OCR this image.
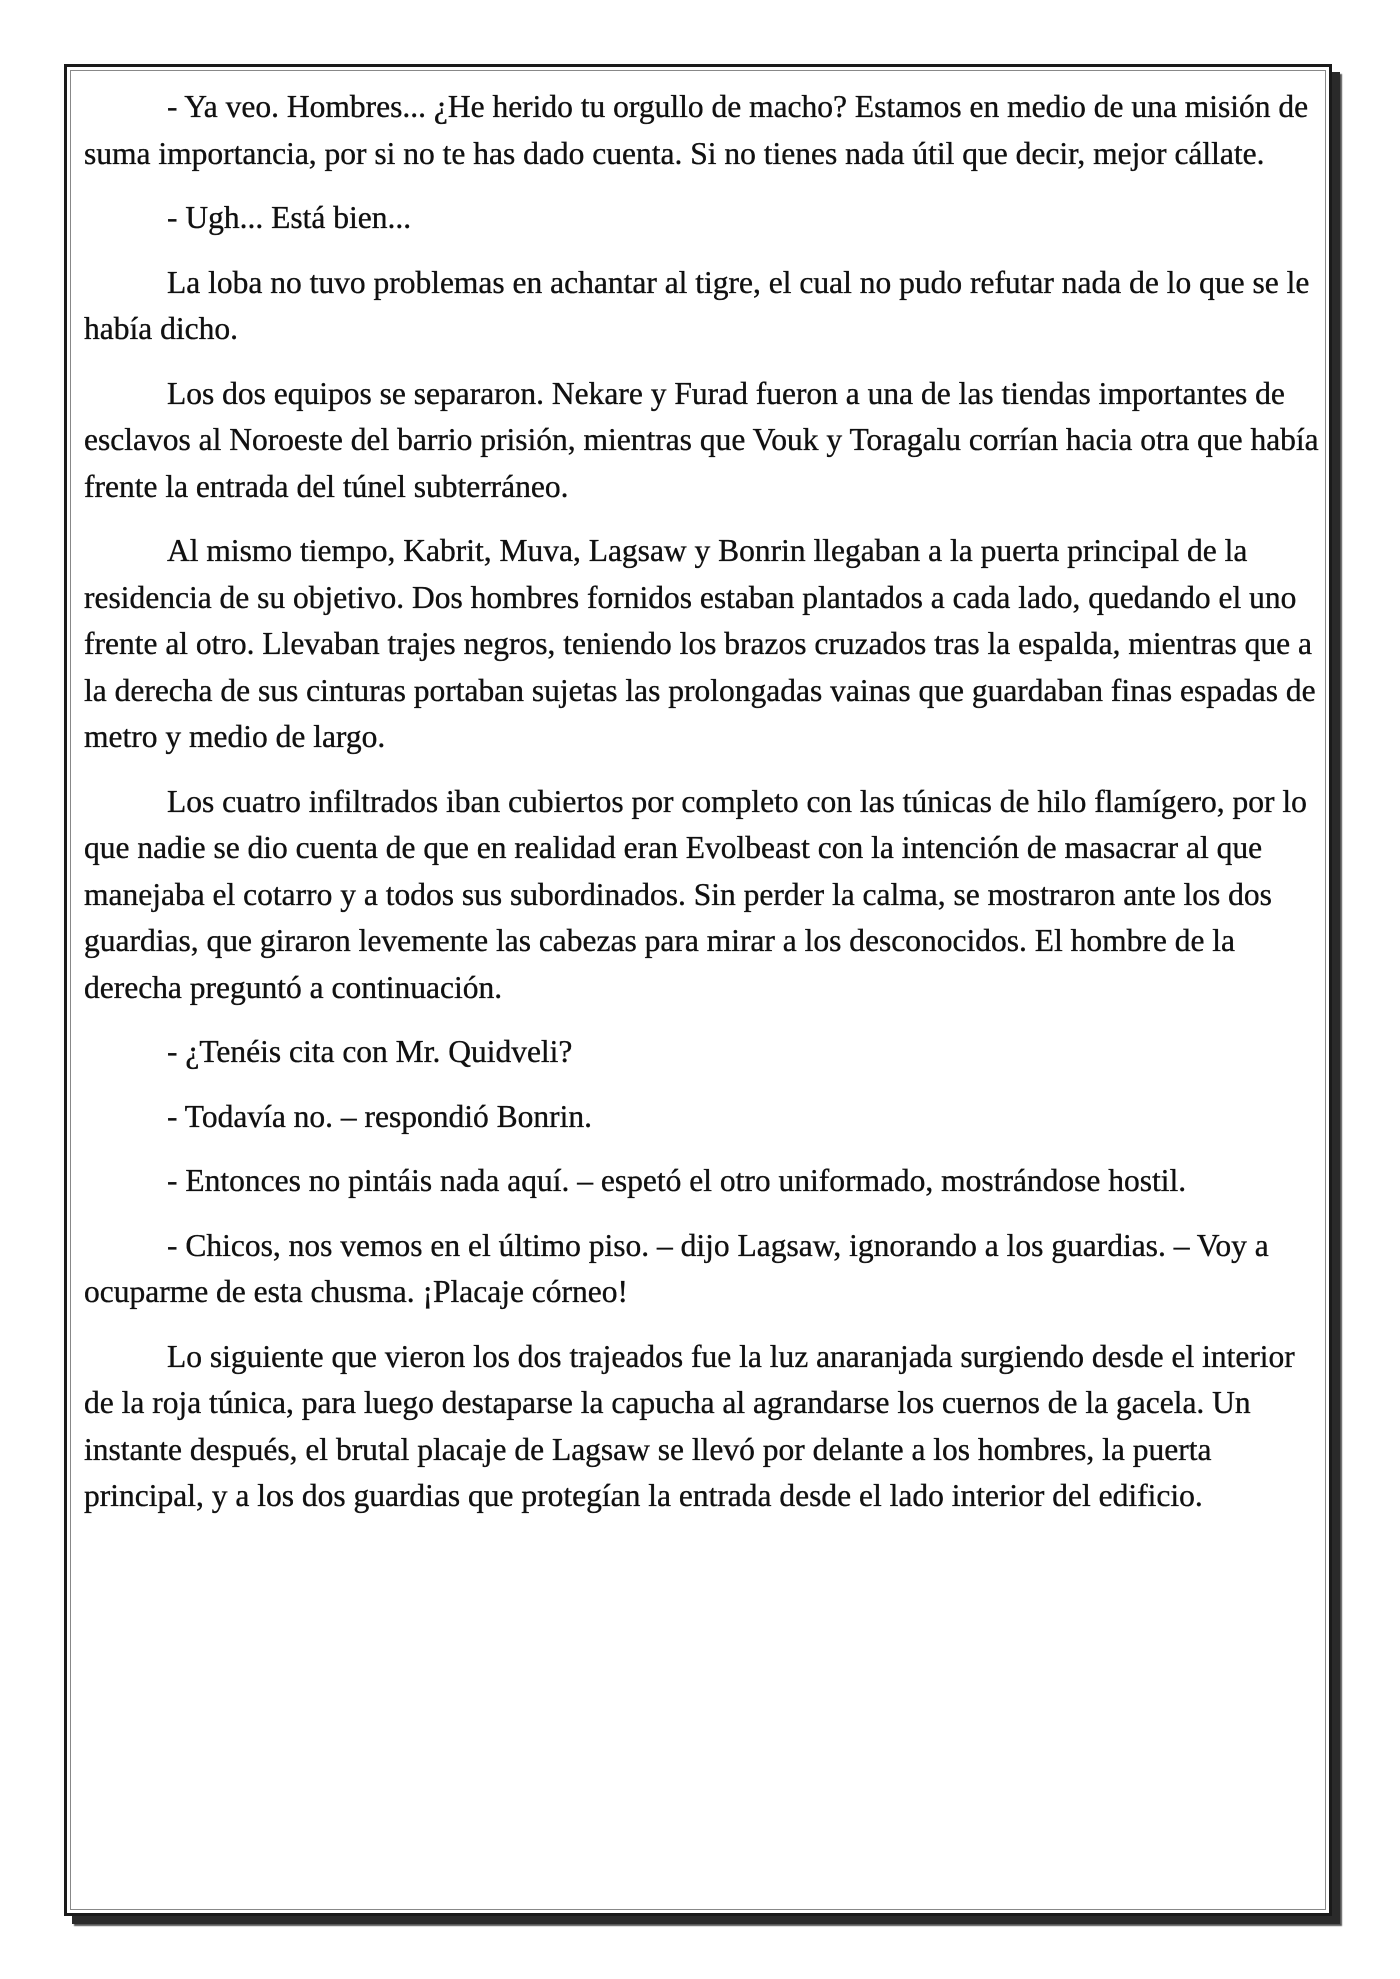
- Ya veo. Hombres... ¿He herido tu orgullo de macho? Estamos en medio de una misión de suma importancia, por si no te has dado cuenta. Si no tienes nada útil que decir, mejor cállate.

- Ugh... Está bien...

La loba no tuvo problemas en achantar al tigre, el cual no pudo refutar nada de lo que se le había dicho.

Los dos equipos se separaron. Nekare y Furad fueron a una de las tiendas importantes de esclavos al Noroeste del barrio prisión, mientras que Vouk y Toragalu corrían hacia otra que había frente la entrada del túnel subterráneo.

Al mismo tiempo, Kabrit, Muva, Lagsaw y Bonrin llegaban a la puerta principal de la residencia de su objetivo. Dos hombres fornidos estaban plantados a cada lado, quedando el uno frente al otro. Llevaban trajes negros, teniendo los brazos cruzados tras la espalda, mientras que a la derecha de sus cinturas portaban sujetas las prolongadas vainas que guardaban finas espadas de metro y medio de largo.

Los cuatro infiltrados iban cubiertos por completo con las túnicas de hilo flamígero, por lo que nadie se dio cuenta de que en realidad eran Evolbeast con la intención de masacrar al que manejaba el cotarro y a todos sus subordinados. Sin perder la calma, se mostraron ante los dos guardias, que giraron levemente las cabezas para mirar a los desconocidos. El hombre de la derecha preguntó a continuación.

- ¿Tenéis cita con Mr. Quidveli?

- Todavía no. – respondió Bonrin.

- Entonces no pintáis nada aquí. – espetó el otro uniformado, mostrándose hostil.

- Chicos, nos vemos en el último piso. – dijo Lagsaw, ignorando a los guardias. – Voy a ocuparme de esta chusma. ¡Placaje córneo!

Lo siguiente que vieron los dos trajeados fue la luz anaranjada surgiendo desde el interior de la roja túnica, para luego destaparse la capucha al agrandarse los cuernos de la gacela. Un instante después, el brutal placaje de Lagsaw se llevó por delante a los hombres, la puerta principal, y a los dos guardias que protegían la entrada desde el lado interior del edificio.
